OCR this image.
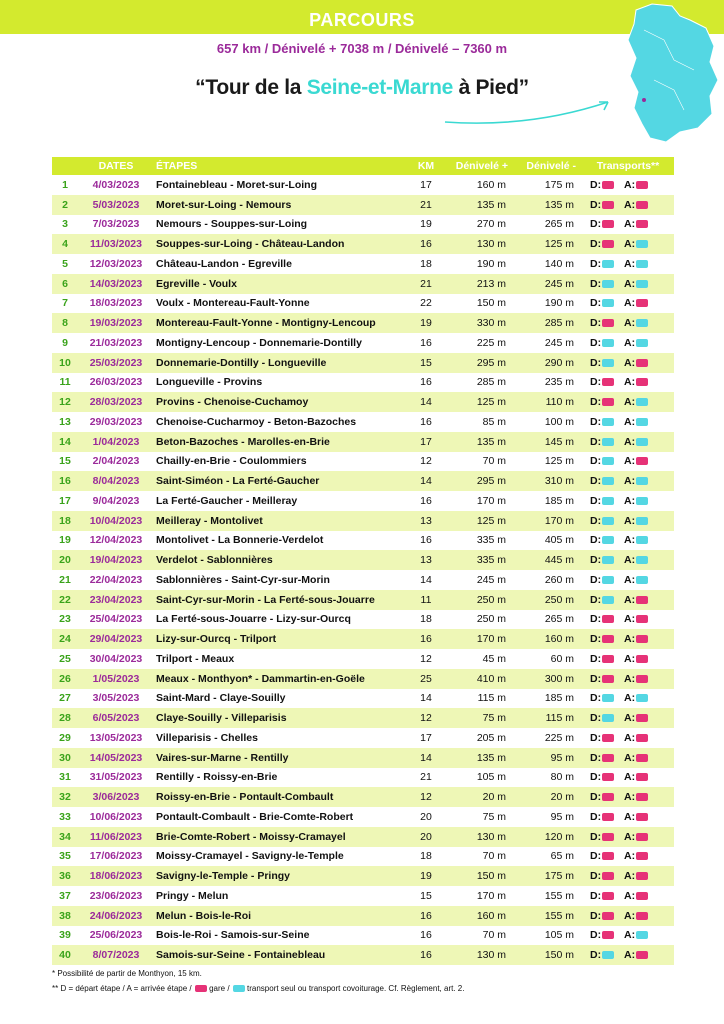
PARCOURS
657 km / Dénivelé + 7038 m / Dénivelé – 7360 m
“Tour de la Seine-et-Marne à Pied”
	DATES	ÉTAPES	KM	Dénivelé +	Dénivelé -	Transports**
1	4/03/2023	Fontainebleau - Moret-sur-Loing	17	160 m	175 m	D: A:
2	5/03/2023	Moret-sur-Loing - Nemours	21	135 m	135 m	D: A:
3	7/03/2023	Nemours - Souppes-sur-Loing	19	270 m	265 m	D: A:
4	11/03/2023	Souppes-sur-Loing - Château-Landon	16	130 m	125 m	D: A:
5	12/03/2023	Château-Landon - Egreville	18	190 m	140 m	D: A:
6	14/03/2023	Egreville - Voulx	21	213 m	245 m	D: A:
7	18/03/2023	Voulx - Montereau-Fault-Yonne	22	150 m	190 m	D: A:
8	19/03/2023	Montereau-Fault-Yonne - Montigny-Lencoup	19	330 m	285 m	D: A:
9	21/03/2023	Montigny-Lencoup - Donnemarie-Dontilly	16	225 m	245 m	D: A:
10	25/03/2023	Donnemarie-Dontilly - Longueville	15	295 m	290 m	D: A:
11	26/03/2023	Longueville - Provins	16	285 m	235 m	D: A:
12	28/03/2023	Provins - Chenoise-Cuchamoy	14	125 m	110 m	D: A:
13	29/03/2023	Chenoise-Cucharmoy - Beton-Bazoches	16	85 m	100 m	D: A:
14	1/04/2023	Beton-Bazoches - Marolles-en-Brie	17	135 m	145 m	D: A:
15	2/04/2023	Chailly-en-Brie - Coulommiers	12	70 m	125 m	D: A:
16	8/04/2023	Saint-Siméon - La Ferté-Gaucher	14	295 m	310 m	D: A:
17	9/04/2023	La Ferté-Gaucher - Meilleray	16	170 m	185 m	D: A:
18	10/04/2023	Meilleray - Montolivet	13	125 m	170 m	D: A:
19	12/04/2023	Montolivet - La Bonnerie-Verdelot	16	335 m	405 m	D: A:
20	19/04/2023	Verdelot - Sablonnières	13	335 m	445 m	D: A:
21	22/04/2023	Sablonnières - Saint-Cyr-sur-Morin	14	245 m	260 m	D: A:
22	23/04/2023	Saint-Cyr-sur-Morin - La Ferté-sous-Jouarre	11	250 m	250 m	D: A:
23	25/04/2023	La Ferté-sous-Jouarre - Lizy-sur-Ourcq	18	250 m	265 m	D: A:
24	29/04/2023	Lizy-sur-Ourcq - Trilport	16	170 m	160 m	D: A:
25	30/04/2023	Trilport - Meaux	12	45 m	60 m	D: A:
26	1/05/2023	Meaux - Monthyon* - Dammartin-en-Goële	25	410 m	300 m	D: A:
27	3/05/2023	Saint-Mard - Claye-Souilly	14	115 m	185 m	D: A:
28	6/05/2023	Claye-Souilly - Villeparisis	12	75 m	115 m	D: A:
29	13/05/2023	Villeparisis - Chelles	17	205 m	225 m	D: A:
30	14/05/2023	Vaires-sur-Marne - Rentilly	14	135 m	95 m	D: A:
31	31/05/2023	Rentilly - Roissy-en-Brie	21	105 m	80 m	D: A:
32	3/06/2023	Roissy-en-Brie - Pontault-Combault	12	20 m	20 m	D: A:
33	10/06/2023	Pontault-Combault - Brie-Comte-Robert	20	75 m	95 m	D: A:
34	11/06/2023	Brie-Comte-Robert - Moissy-Cramayel	20	130 m	120 m	D: A:
35	17/06/2023	Moissy-Cramayel - Savigny-le-Temple	18	70 m	65 m	D: A:
36	18/06/2023	Savigny-le-Temple - Pringy	19	150 m	175 m	D: A:
37	23/06/2023	Pringy - Melun	15	170 m	155 m	D: A:
38	24/06/2023	Melun - Bois-le-Roi	16	160 m	155 m	D: A:
39	25/06/2023	Bois-le-Roi - Samois-sur-Seine	16	70 m	105 m	D: A:
40	8/07/2023	Samois-sur-Seine - Fontainebleau	16	130 m	150 m	D: A:
* Possibilité de partir de Monthyon, 15 km.
** D = départ étape / A = arrivée étape /  gare /  transport seul ou transport covoiturage. Cf. Règlement, art. 2.
